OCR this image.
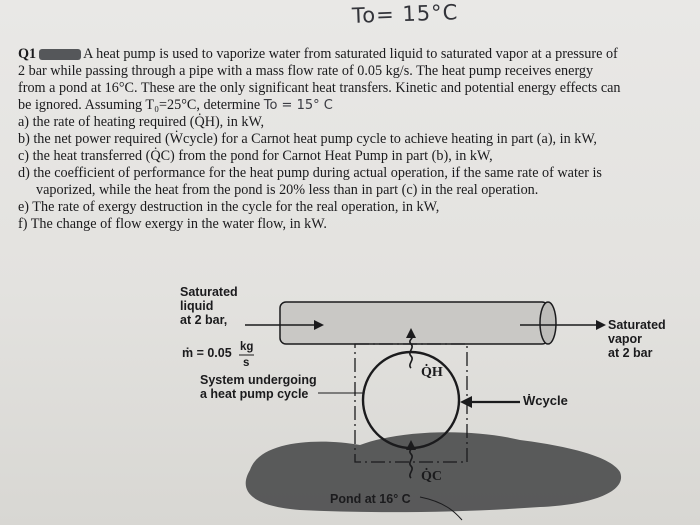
To= 15°C
Q1	A heat pump is used to vaporize water from saturated liquid to saturated vapor at a pressure of
2 bar while passing through a pipe with a mass flow rate of 0.05 kg/s. The heat pump receives energy
from a pond at 16°C. These are the only significant heat transfers. Kinetic and potential energy effects can
be ignored. Assuming T₀=25°C, determine To = 15° C
a) the rate of heating required (Q̇H), in kW,
b) the net power required (Ẇcycle) for a Carnot heat pump cycle to achieve heating in part (a), in kW,
c) the heat transferred (Q̇C) from the pond for Carnot Heat Pump in part (b), in kW,
d) the coefficient of performance for the heat pump during actual operation, if the same rate of water is
vaporized, while the heat from the pond is 20% less than in part (c) in the real operation.
e) The rate of exergy destruction in the cycle for the real operation, in kW,
f) The change of flow exergy in the water flow, in kW.
Saturated
liquid
at 2 bar,
ṁ = 0.05 kg
s
Saturated
vapor
at 2 bar
System undergoing
a heat pump cycle
Q̇H
Q̇C
Ẇcycle
Pond at 16° C
